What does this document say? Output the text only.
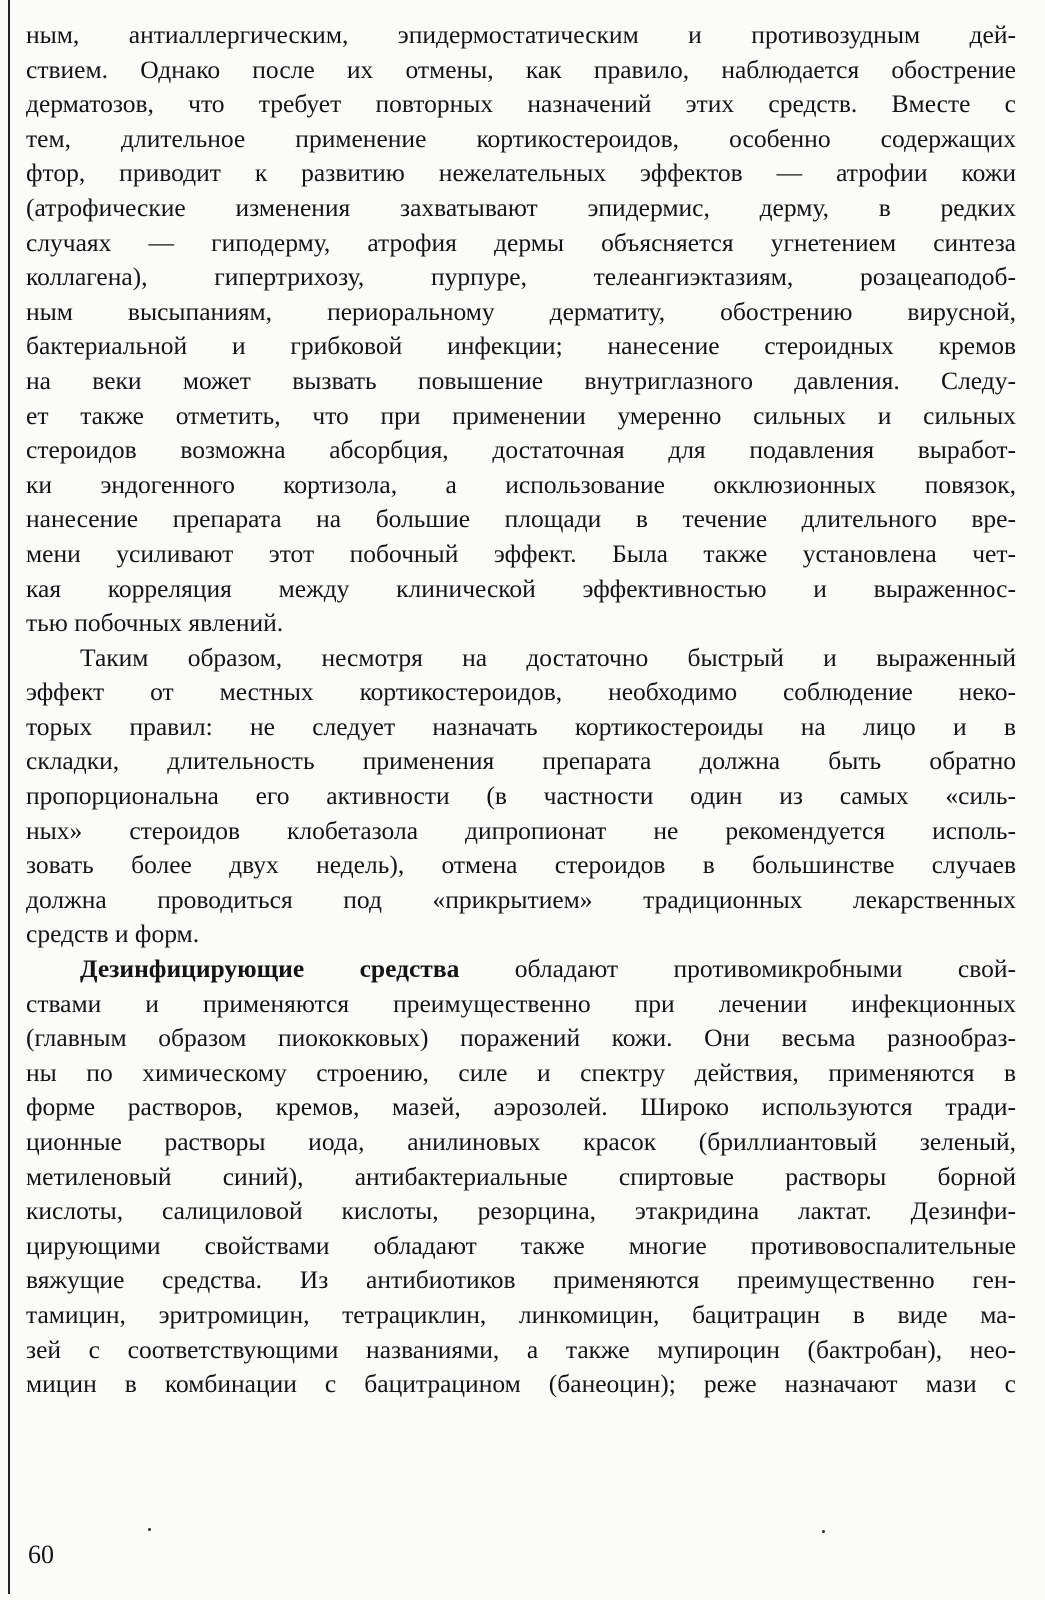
ным, антиаллергическим, эпидермостатическим и противозудным дей-
ствием. Однако после их отмены, как правило, наблюдается обострение
дерматозов, что требует повторных назначений этих средств. Вместе с
тем, длительное применение кортикостероидов, особенно содержащих
фтор, приводит к развитию нежелательных эффектов — атрофии кожи
(атрофические изменения захватывают эпидермис, дерму, в редких
случаях — гиподерму, атрофия дермы объясняется угнетением синтеза
коллагена), гипертрихозу, пурпуре, телеангиэктазиям, розацеаподоб-
ным высыпаниям, периоральному дерматиту, обострению вирусной,
бактериальной и грибковой инфекции; нанесение стероидных кремов
на веки может вызвать повышение внутриглазного давления. Следу-
ет также отметить, что при применении умеренно сильных и сильных
стероидов возможна абсорбция, достаточная для подавления выработ-
ки эндогенного кортизола, а использование окклюзионных повязок,
нанесение препарата на большие площади в течение длительного вре-
мени усиливают этот побочный эффект. Была также установлена чет-
кая корреляция между клинической эффективностью и выраженнос-
тью побочных явлений.
Таким образом, несмотря на достаточно быстрый и выраженный
эффект от местных кортикостероидов, необходимо соблюдение неко-
торых правил: не следует назначать кортикостероиды на лицо и в
складки, длительность применения препарата должна быть обратно
пропорциональна его активности (в частности один из самых «силь-
ных» стероидов клобетазола дипропионат не рекомендуется исполь-
зовать более двух недель), отмена стероидов в большинстве случаев
должна проводиться под «прикрытием» традиционных лекарственных
средств и форм.
Дезинфицирующие средства обладают противомикробными свой-
ствами и применяются преимущественно при лечении инфекционных
(главным образом пиококковых) поражений кожи. Они весьма разнообраз-
ны по химическому строению, силе и спектру действия, применяются в
форме растворов, кремов, мазей, аэрозолей. Широко используются тради-
ционные растворы иода, анилиновых красок (бриллиантовый зеленый,
метиленовый синий), антибактериальные спиртовые растворы борной
кислоты, салициловой кислоты, резорцина, этакридина лактат. Дезинфи-
цирующими свойствами обладают также многие противовоспалительные
вяжущие средства. Из антибиотиков применяются преимущественно ген-
тамицин, эритромицин, тетрациклин, линкомицин, бацитрацин в виде ма-
зей с соответствующими названиями, а также мупироцин (бактробан), нео-
мицин в комбинации с бацитрацином (банеоцин); реже назначают мази с
60
